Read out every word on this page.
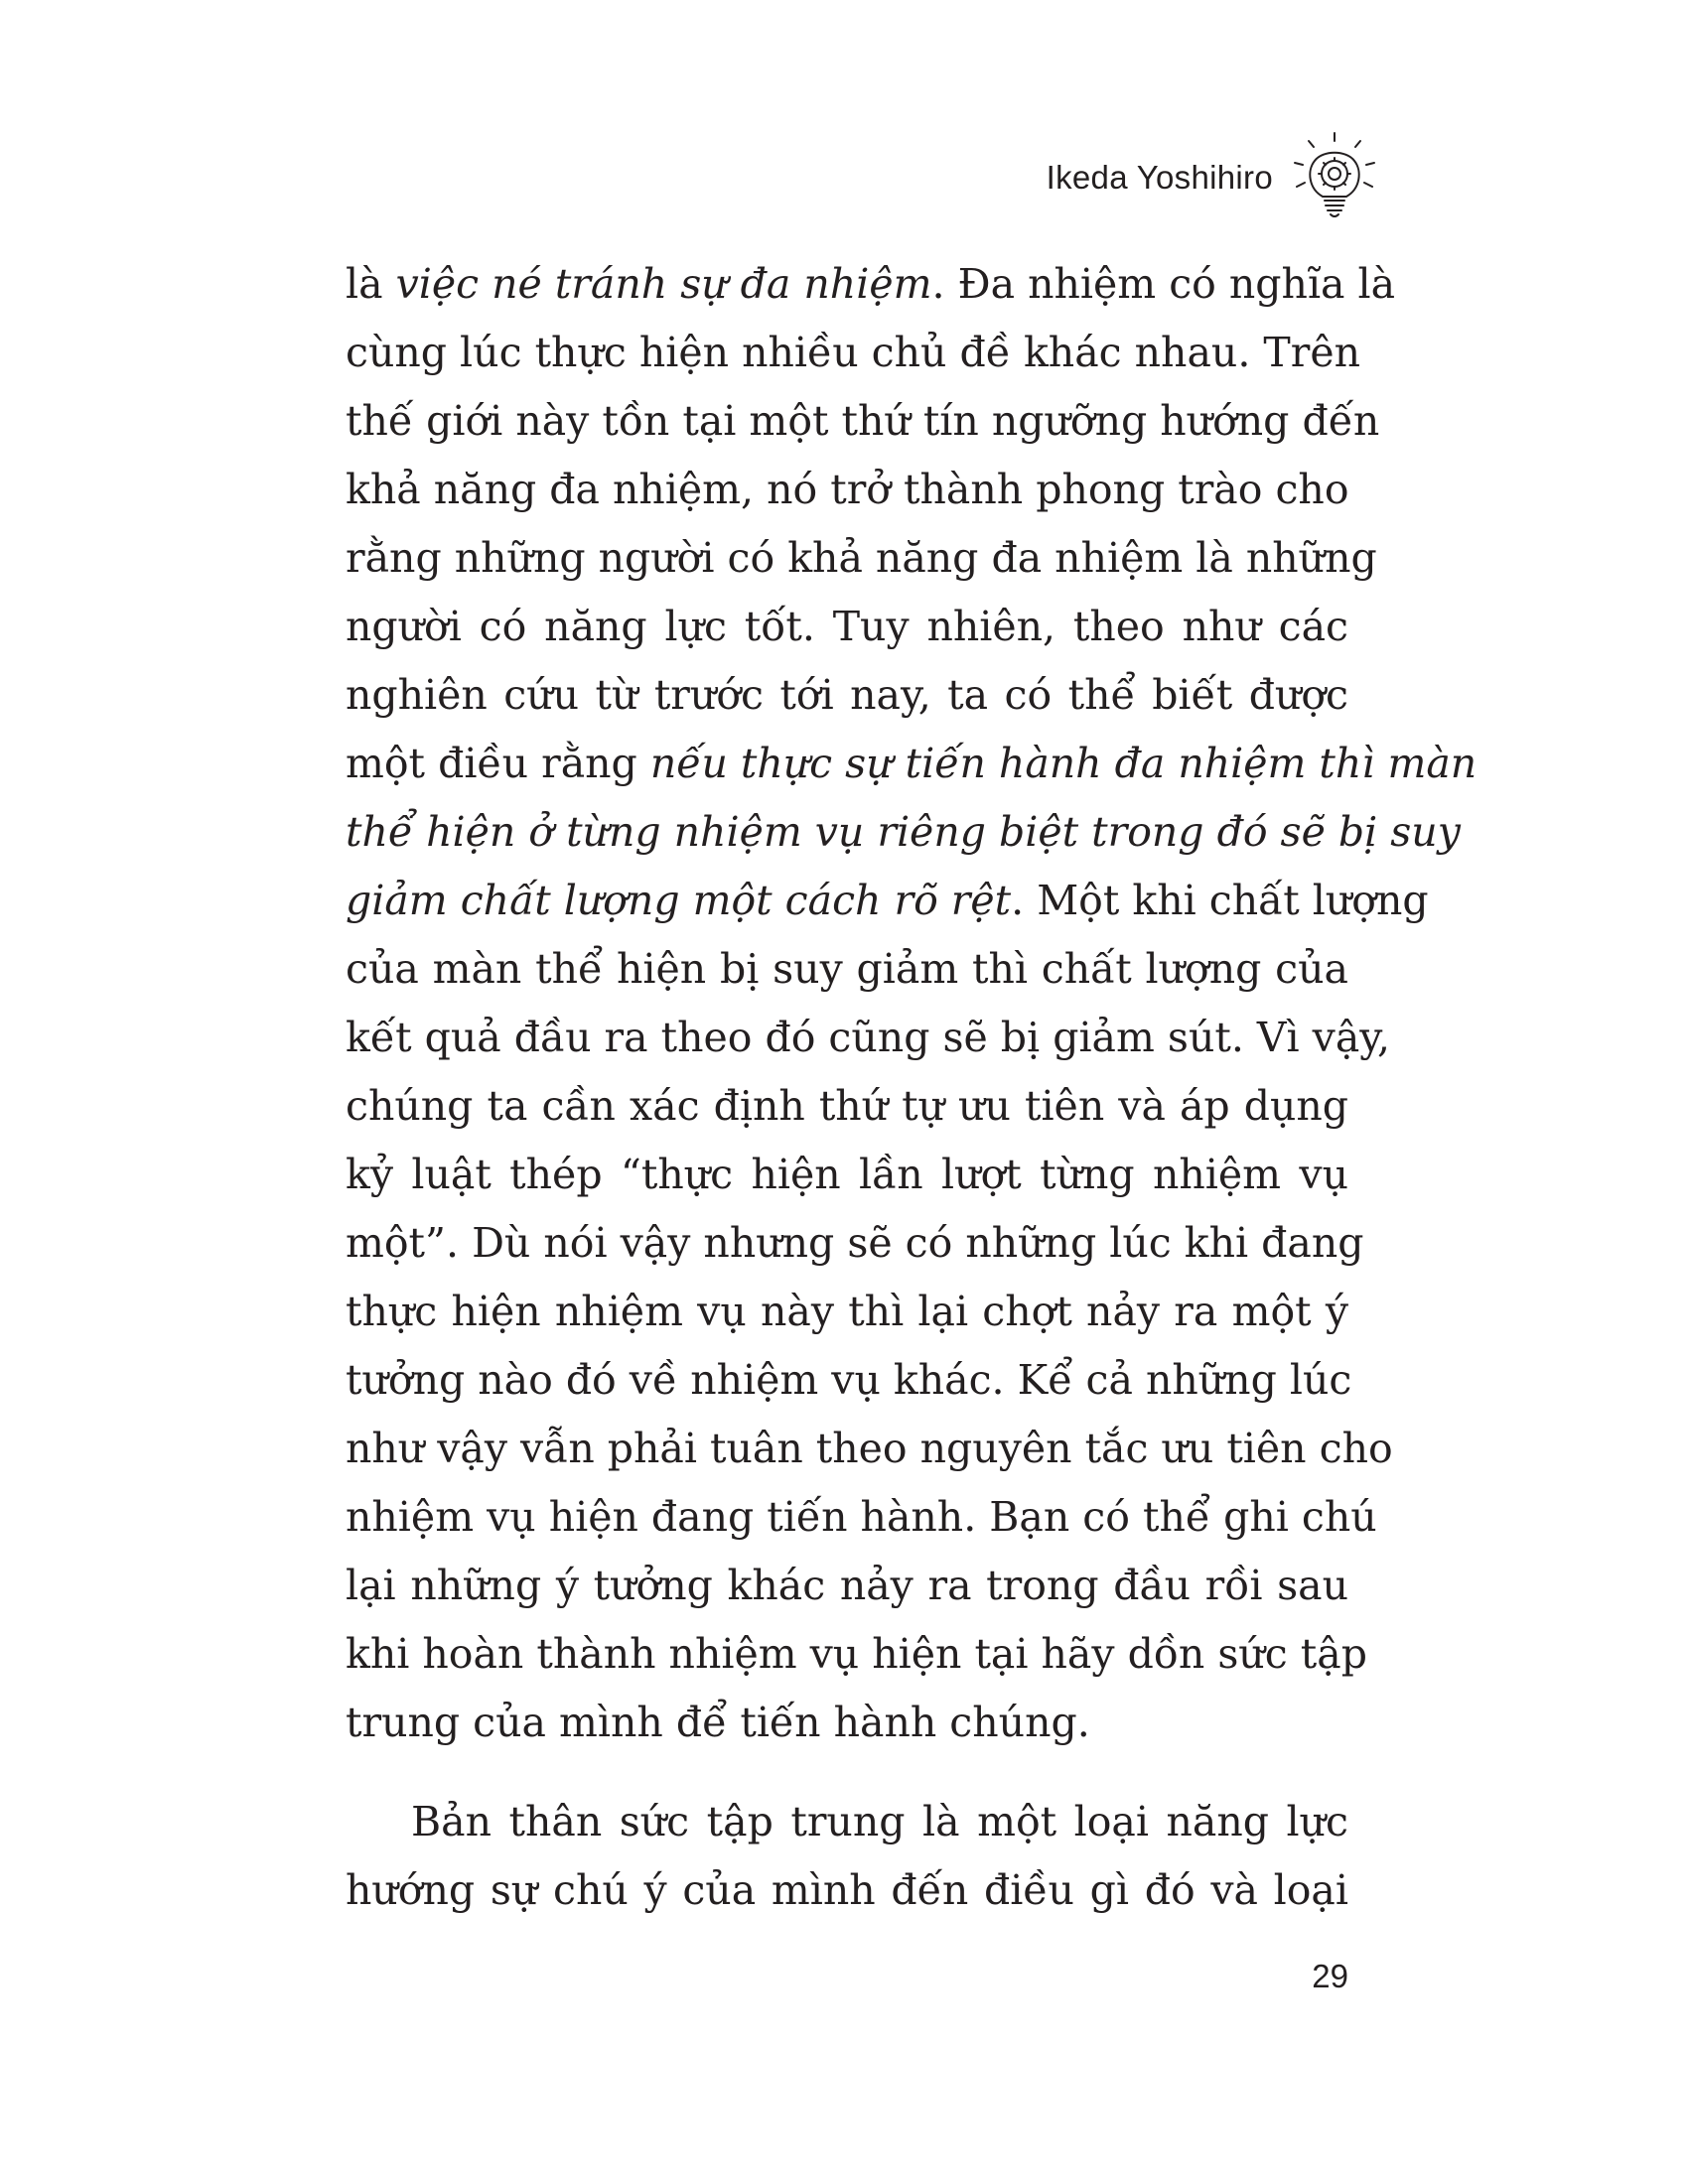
Ikeda Yoshihiro
là việc né tránh sự đa nhiệm. Đa nhiệm có nghĩa là
cùng lúc thực hiện nhiều chủ đề khác nhau. Trên
thế giới này tồn tại một thứ tín ngưỡng hướng đến
khả năng đa nhiệm, nó trở thành phong trào cho
rằng những người có khả năng đa nhiệm là những
người có năng lực tốt. Tuy nhiên, theo như các
nghiên cứu từ trước tới nay, ta có thể biết được
một điều rằng nếu thực sự tiến hành đa nhiệm thì màn
thể hiện ở từng nhiệm vụ riêng biệt trong đó sẽ bị suy
giảm chất lượng một cách rõ rệt. Một khi chất lượng
của màn thể hiện bị suy giảm thì chất lượng của
kết quả đầu ra theo đó cũng sẽ bị giảm sút. Vì vậy,
chúng ta cần xác định thứ tự ưu tiên và áp dụng
kỷ luật thép “thực hiện lần lượt từng nhiệm vụ
một”. Dù nói vậy nhưng sẽ có những lúc khi đang
thực hiện nhiệm vụ này thì lại chợt nảy ra một ý
tưởng nào đó về nhiệm vụ khác. Kể cả những lúc
như vậy vẫn phải tuân theo nguyên tắc ưu tiên cho
nhiệm vụ hiện đang tiến hành. Bạn có thể ghi chú
lại những ý tưởng khác nảy ra trong đầu rồi sau
khi hoàn thành nhiệm vụ hiện tại hãy dồn sức tập
trung của mình để tiến hành chúng.
Bản thân sức tập trung là một loại năng lực
hướng sự chú ý của mình đến điều gì đó và loại
29
